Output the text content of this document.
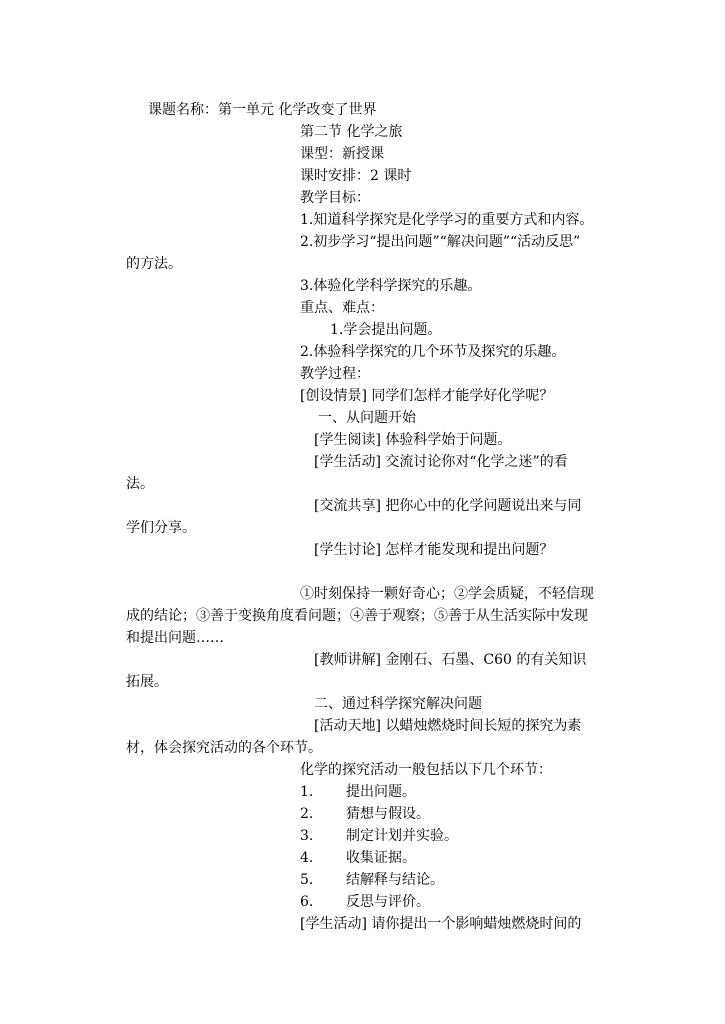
课题名称：第一单元 化学改变了世界
第二节 化学之旅
课型：新授课
课时安排：2 课时
教学目标：
1.知道科学探究是化学学习的重要方式和内容。
2.初步学习“提出问题”“解决问题”“活动反思”
的方法。
3.体验化学科学探究的乐趣。
重点、难点：
1.学会提出问题。
2.体验科学探究的几个环节及探究的乐趣。
教学过程：
[创设情景] 同学们怎样才能学好化学呢？
一、从问题开始
[学生阅读] 体验科学始于问题。
[学生活动] 交流讨论你对“化学之迷”的看
法。
[交流共享] 把你心中的化学问题说出来与同
学们分享。
[学生讨论] 怎样才能发现和提出问题？
①时刻保持一颗好奇心；②学会质疑，不轻信现
成的结论；③善于变换角度看问题；④善于观察；⑤善于从生活实际中发现
和提出问题……
[教师讲解] 金刚石、石墨、C60 的有关知识
拓展。
二、通过科学探究解决问题
[活动天地] 以蜡烛燃烧时间长短的探究为素
材，体会探究活动的各个环节。
化学的探究活动一般包括以下几个环节：
1. 提出问题。
2. 猜想与假设。
3. 制定计划并实验。
4. 收集证据。
5. 结解释与结论。
6. 反思与评价。
[学生活动] 请你提出一个影响蜡烛燃烧时间的
